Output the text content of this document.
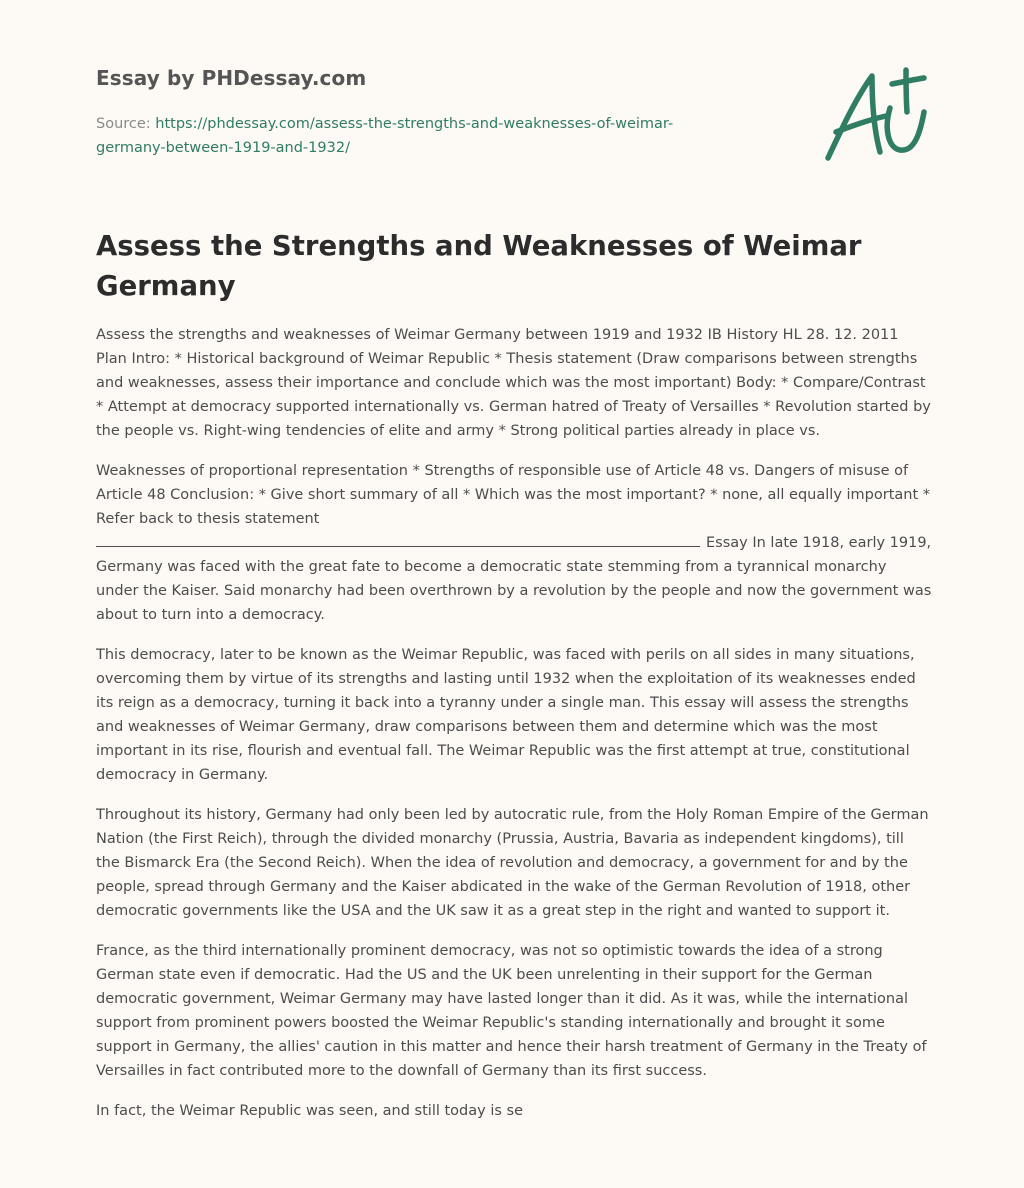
Essay by PHDessay.com
Source: https://phdessay.com/assess-the-strengths-and-weaknesses-of-weimar-
germany-between-1919-and-1932/
Assess the Strengths and Weaknesses of Weimar Germany

Assess the strengths and weaknesses of Weimar Germany between 1919 and 1932 IB History HL 28. 12. 2011 Plan Intro: * Historical background of Weimar Republic * Thesis statement (Draw comparisons between strengths and weaknesses, assess their importance and conclude which was the most important) Body: * Compare/Contrast * Attempt at democracy supported internationally vs. German hatred of Treaty of Versailles * Revolution started by the people vs. Right-wing tendencies of elite and army * Strong political parties already in place vs.

Weaknesses of proportional representation * Strengths of responsible use of Article 48 vs. Dangers of misuse of Article 48 Conclusion: * Give short summary of all * Which was the most important? * none, all equally important * Refer back to thesis statement
Essay In late 1918, early 1919, Germany was faced with the great fate to become a democratic state stemming from a tyrannical monarchy under the Kaiser. Said monarchy had been overthrown by a revolution by the people and now the government was about to turn into a democracy.

This democracy, later to be known as the Weimar Republic, was faced with perils on all sides in many situations, overcoming them by virtue of its strengths and lasting until 1932 when the exploitation of its weaknesses ended its reign as a democracy, turning it back into a tyranny under a single man. This essay will assess the strengths and weaknesses of Weimar Germany, draw comparisons between them and determine which was the most important in its rise, flourish and eventual fall. The Weimar Republic was the first attempt at true, constitutional democracy in Germany.

Throughout its history, Germany had only been led by autocratic rule, from the Holy Roman Empire of the German Nation (the First Reich), through the divided monarchy (Prussia, Austria, Bavaria as independent kingdoms), till the Bismarck Era (the Second Reich). When the idea of revolution and democracy, a government for and by the people, spread through Germany and the Kaiser abdicated in the wake of the German Revolution of 1918, other democratic governments like the USA and the UK saw it as a great step in the right and wanted to support it.

France, as the third internationally prominent democracy, was not so optimistic towards the idea of a strong German state even if democratic. Had the US and the UK been unrelenting in their support for the German democratic government, Weimar Germany may have lasted longer than it did. As it was, while the international support from prominent powers boosted the Weimar Republic's standing internationally and brought it some support in Germany, the allies' caution in this matter and hence their harsh treatment of Germany in the Treaty of Versailles in fact contributed more to the downfall of Germany than its first success.

In fact, the Weimar Republic was seen, and still today is se
